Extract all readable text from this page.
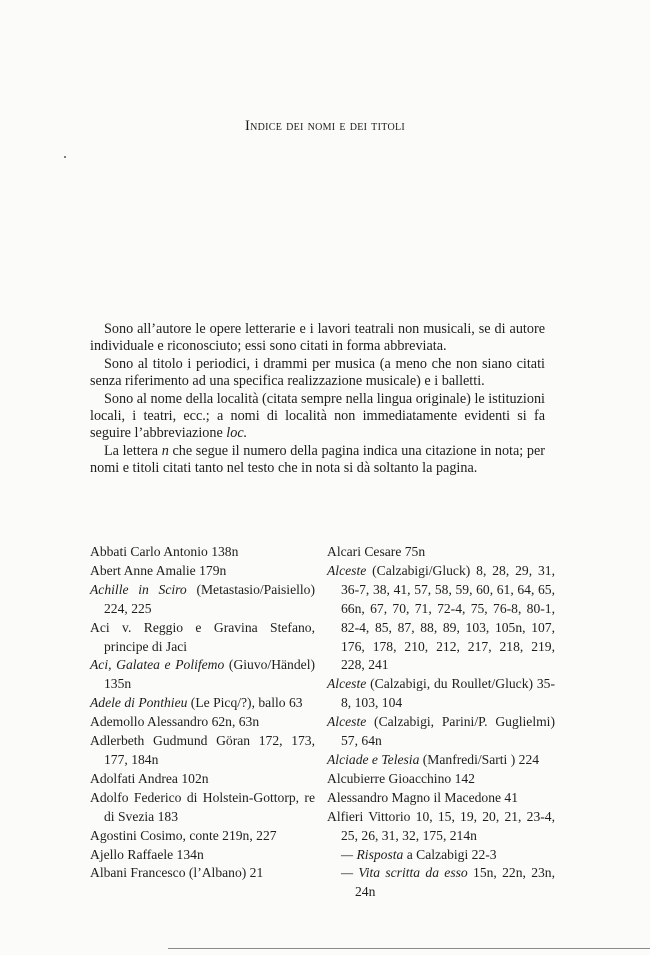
Indice dei nomi e dei titoli

Sono all’autore le opere letterarie e i lavori teatrali non musicali, se di autore individuale e riconosciuto; essi sono citati in forma abbreviata.

Sono al titolo i periodici, i drammi per musica (a meno che non siano citati senza riferimento ad una specifica realizzazione musicale) e i balletti.

Sono al nome della località (citata sempre nella lingua originale) le istituzioni locali, i teatri, ecc.; a nomi di località non immediatamente evidenti si fa seguire l’abbreviazione loc.

La lettera n che segue il numero della pagina indica una citazione in nota; per nomi e titoli citati tanto nel testo che in nota si dà soltanto la pagina.

Abbati Carlo Antonio 138n
Abert Anne Amalie 179n
Achille in Sciro (Metastasio/Paisiello) 224, 225
Aci v. Reggio e Gravina Stefano, principe di Jaci
Aci, Galatea e Polifemo (Giuvo/Händel) 135n
Adele di Ponthieu (Le Picq/?), ballo 63
Ademollo Alessandro 62n, 63n
Adlerbeth Gudmund Göran 172, 173, 177, 184n
Adolfati Andrea 102n
Adolfo Federico di Holstein-Gottorp, re di Svezia 183
Agostini Cosimo, conte 219n, 227
Ajello Raffaele 134n
Albani Francesco (l’Albano) 21
Alcari Cesare 75n
Alceste (Calzabigi/Gluck) 8, 28, 29, 31, 36-7, 38, 41, 57, 58, 59, 60, 61, 64, 65, 66n, 67, 70, 71, 72-4, 75, 76-8, 80-1, 82-4, 85, 87, 88, 89, 103, 105n, 107, 176, 178, 210, 212, 217, 218, 219, 228, 241
Alceste (Calzabigi, du Roullet/Gluck) 35-8, 103, 104
Alceste (Calzabigi, Parini/P. Guglielmi) 57, 64n
Alciade e Telesia (Manfredi/Sarti ) 224
Alcubierre Gioacchino 142
Alessandro Magno il Macedone 41
Alfieri Vittorio 10, 15, 19, 20, 21, 23-4, 25, 26, 31, 32, 175, 214n
— Risposta a Calzabigi 22-3
— Vita scritta da esso 15n, 22n, 23n, 24n
